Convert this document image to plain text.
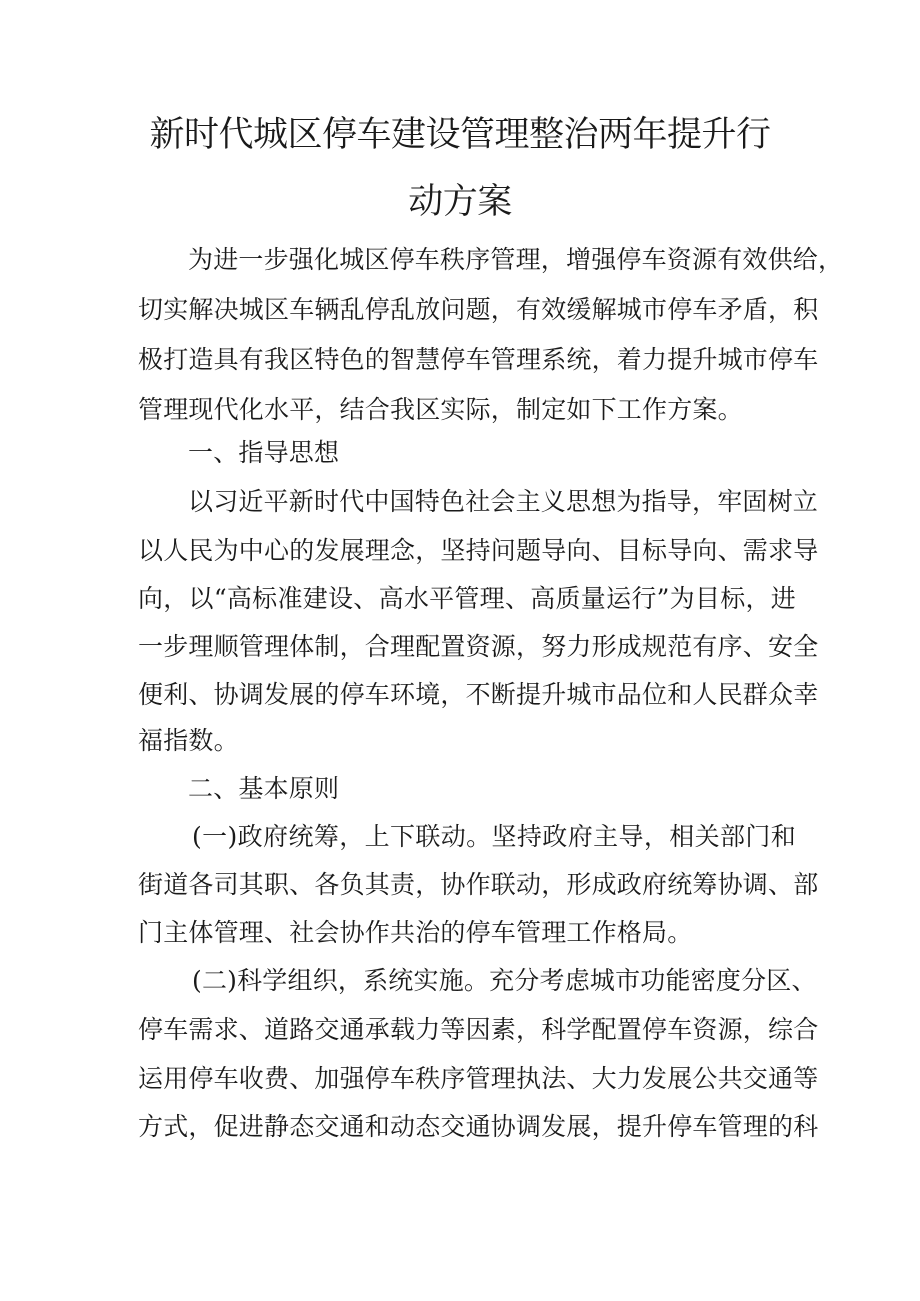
新时代城区停车建设管理整治两年提升行
动方案

为进一步强化城区停车秩序管理，增强停车资源有效供给，

切实解决城区车辆乱停乱放问题，有效缓解城市停车矛盾，积

极打造具有我区特色的智慧停车管理系统，着力提升城市停车

管理现代化水平，结合我区实际，制定如下工作方案。

一、指导思想

以习近平新时代中国特色社会主义思想为指导，牢固树立

以人民为中心的发展理念，坚持问题导向、目标导向、需求导

向，以“高标准建设、高水平管理、高质量运行”为目标，进

一步理顺管理体制，合理配置资源，努力形成规范有序、安全

便利、协调发展的停车环境，不断提升城市品位和人民群众幸

福指数。

二、基本原则

(一)政府统筹，上下联动。坚持政府主导，相关部门和

街道各司其职、各负其责，协作联动，形成政府统筹协调、部

门主体管理、社会协作共治的停车管理工作格局。

(二)科学组织，系统实施。充分考虑城市功能密度分区、

停车需求、道路交通承载力等因素，科学配置停车资源，综合

运用停车收费、加强停车秩序管理执法、大力发展公共交通等

方式，促进静态交通和动态交通协调发展，提升停车管理的科
